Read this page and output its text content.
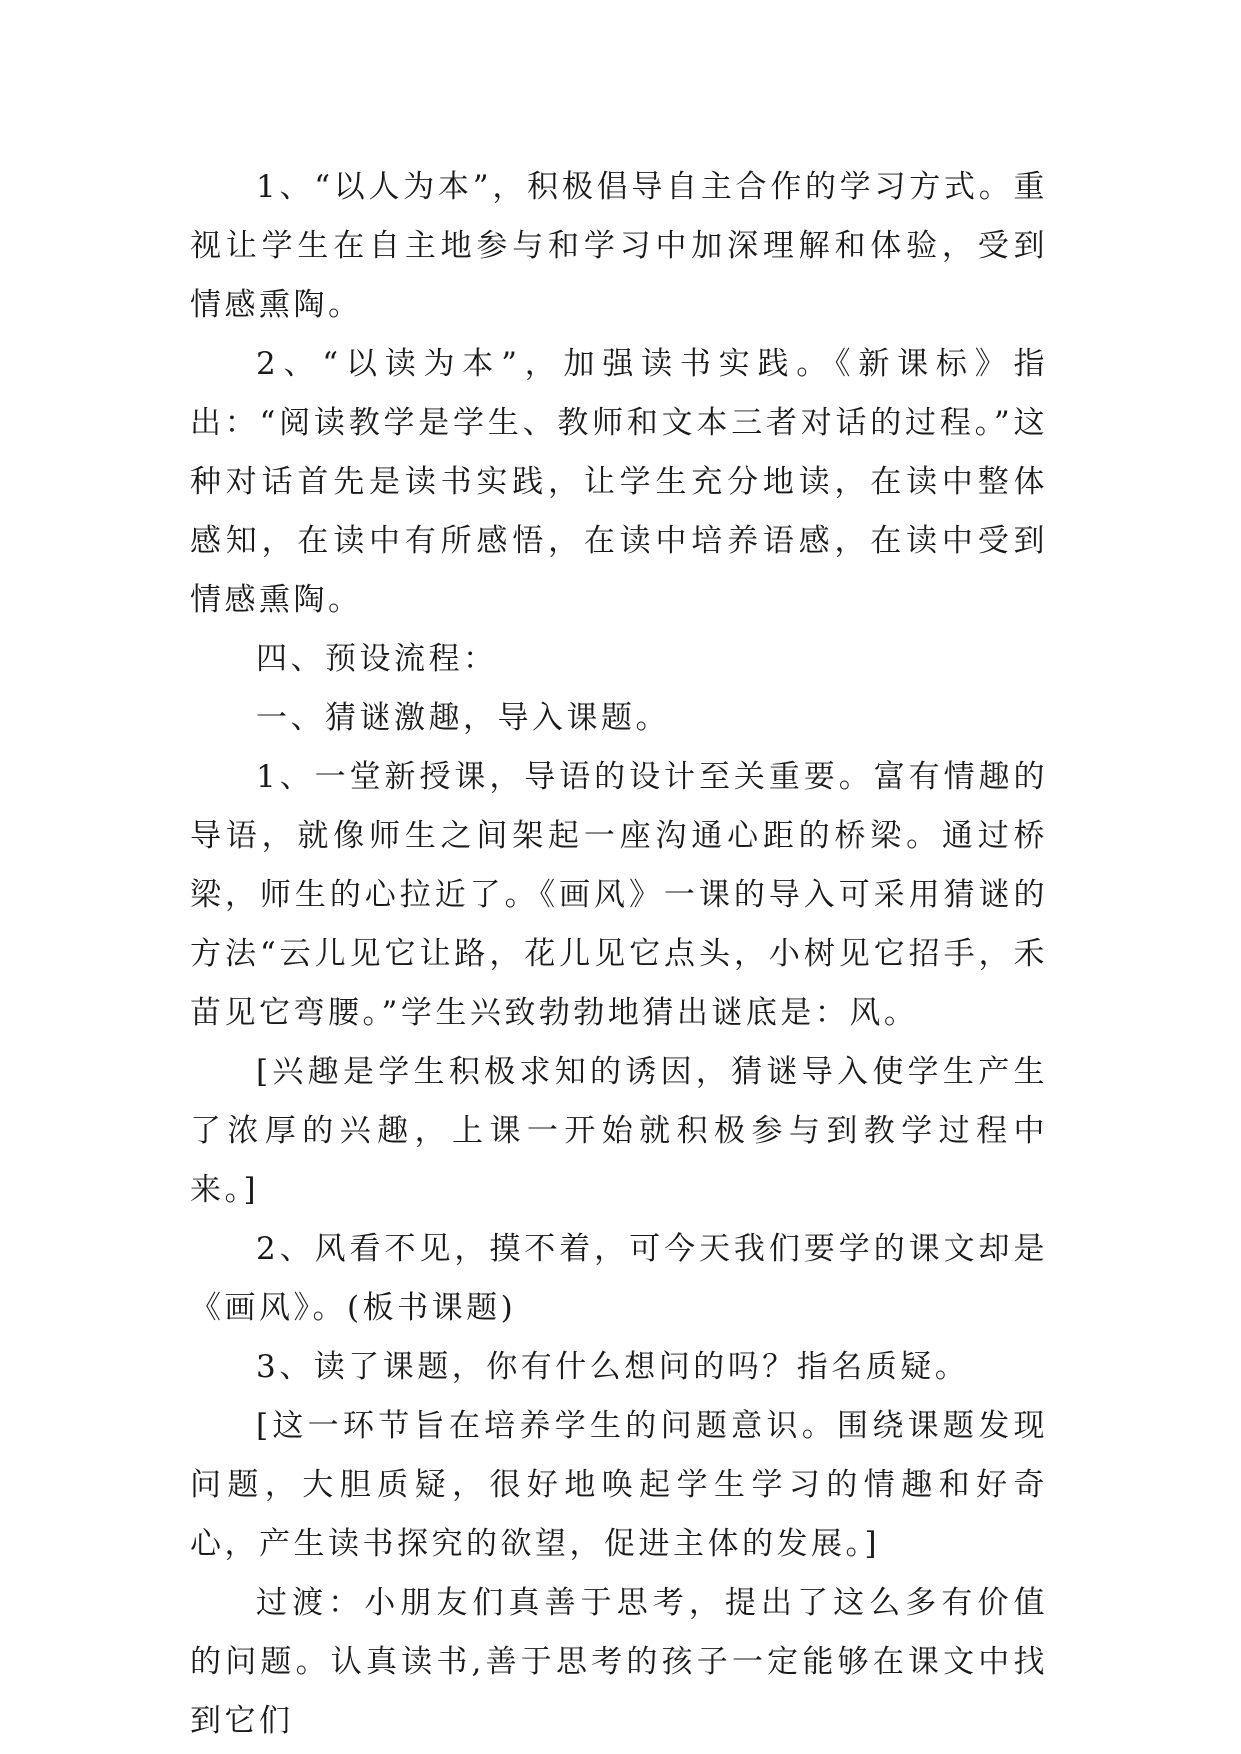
1、“以人为本”，积极倡导自主合作的学习方式。重视让学生在自主地参与和学习中加深理解和体验，受到情感熏陶。

2、“以读为本”，加强读书实践。《新课标》指出：“阅读教学是学生、教师和文本三者对话的过程。”这种对话首先是读书实践，让学生充分地读，在读中整体感知，在读中有所感悟，在读中培养语感，在读中受到情感熏陶。

四、预设流程：

一、猜谜激趣，导入课题。

1、一堂新授课，导语的设计至关重要。富有情趣的导语，就像师生之间架起一座沟通心距的桥梁。通过桥梁，师生的心拉近了。《画风》一课的导入可采用猜谜的方法“云儿见它让路，花儿见它点头，小树见它招手，禾苗见它弯腰。”学生兴致勃勃地猜出谜底是：风。

[兴趣是学生积极求知的诱因，猜谜导入使学生产生了浓厚的兴趣，上课一开始就积极参与到教学过程中来。]

2、风看不见，摸不着，可今天我们要学的课文却是《画风》。(板书课题)

3、读了课题，你有什么想问的吗？指名质疑。

[这一环节旨在培养学生的问题意识。围绕课题发现问题，大胆质疑，很好地唤起学生学习的情趣和好奇心，产生读书探究的欲望，促进主体的发展。]

过渡：小朋友们真善于思考，提出了这么多有价值的问题。认真读书,善于思考的孩子一定能够在课文中找到它们
